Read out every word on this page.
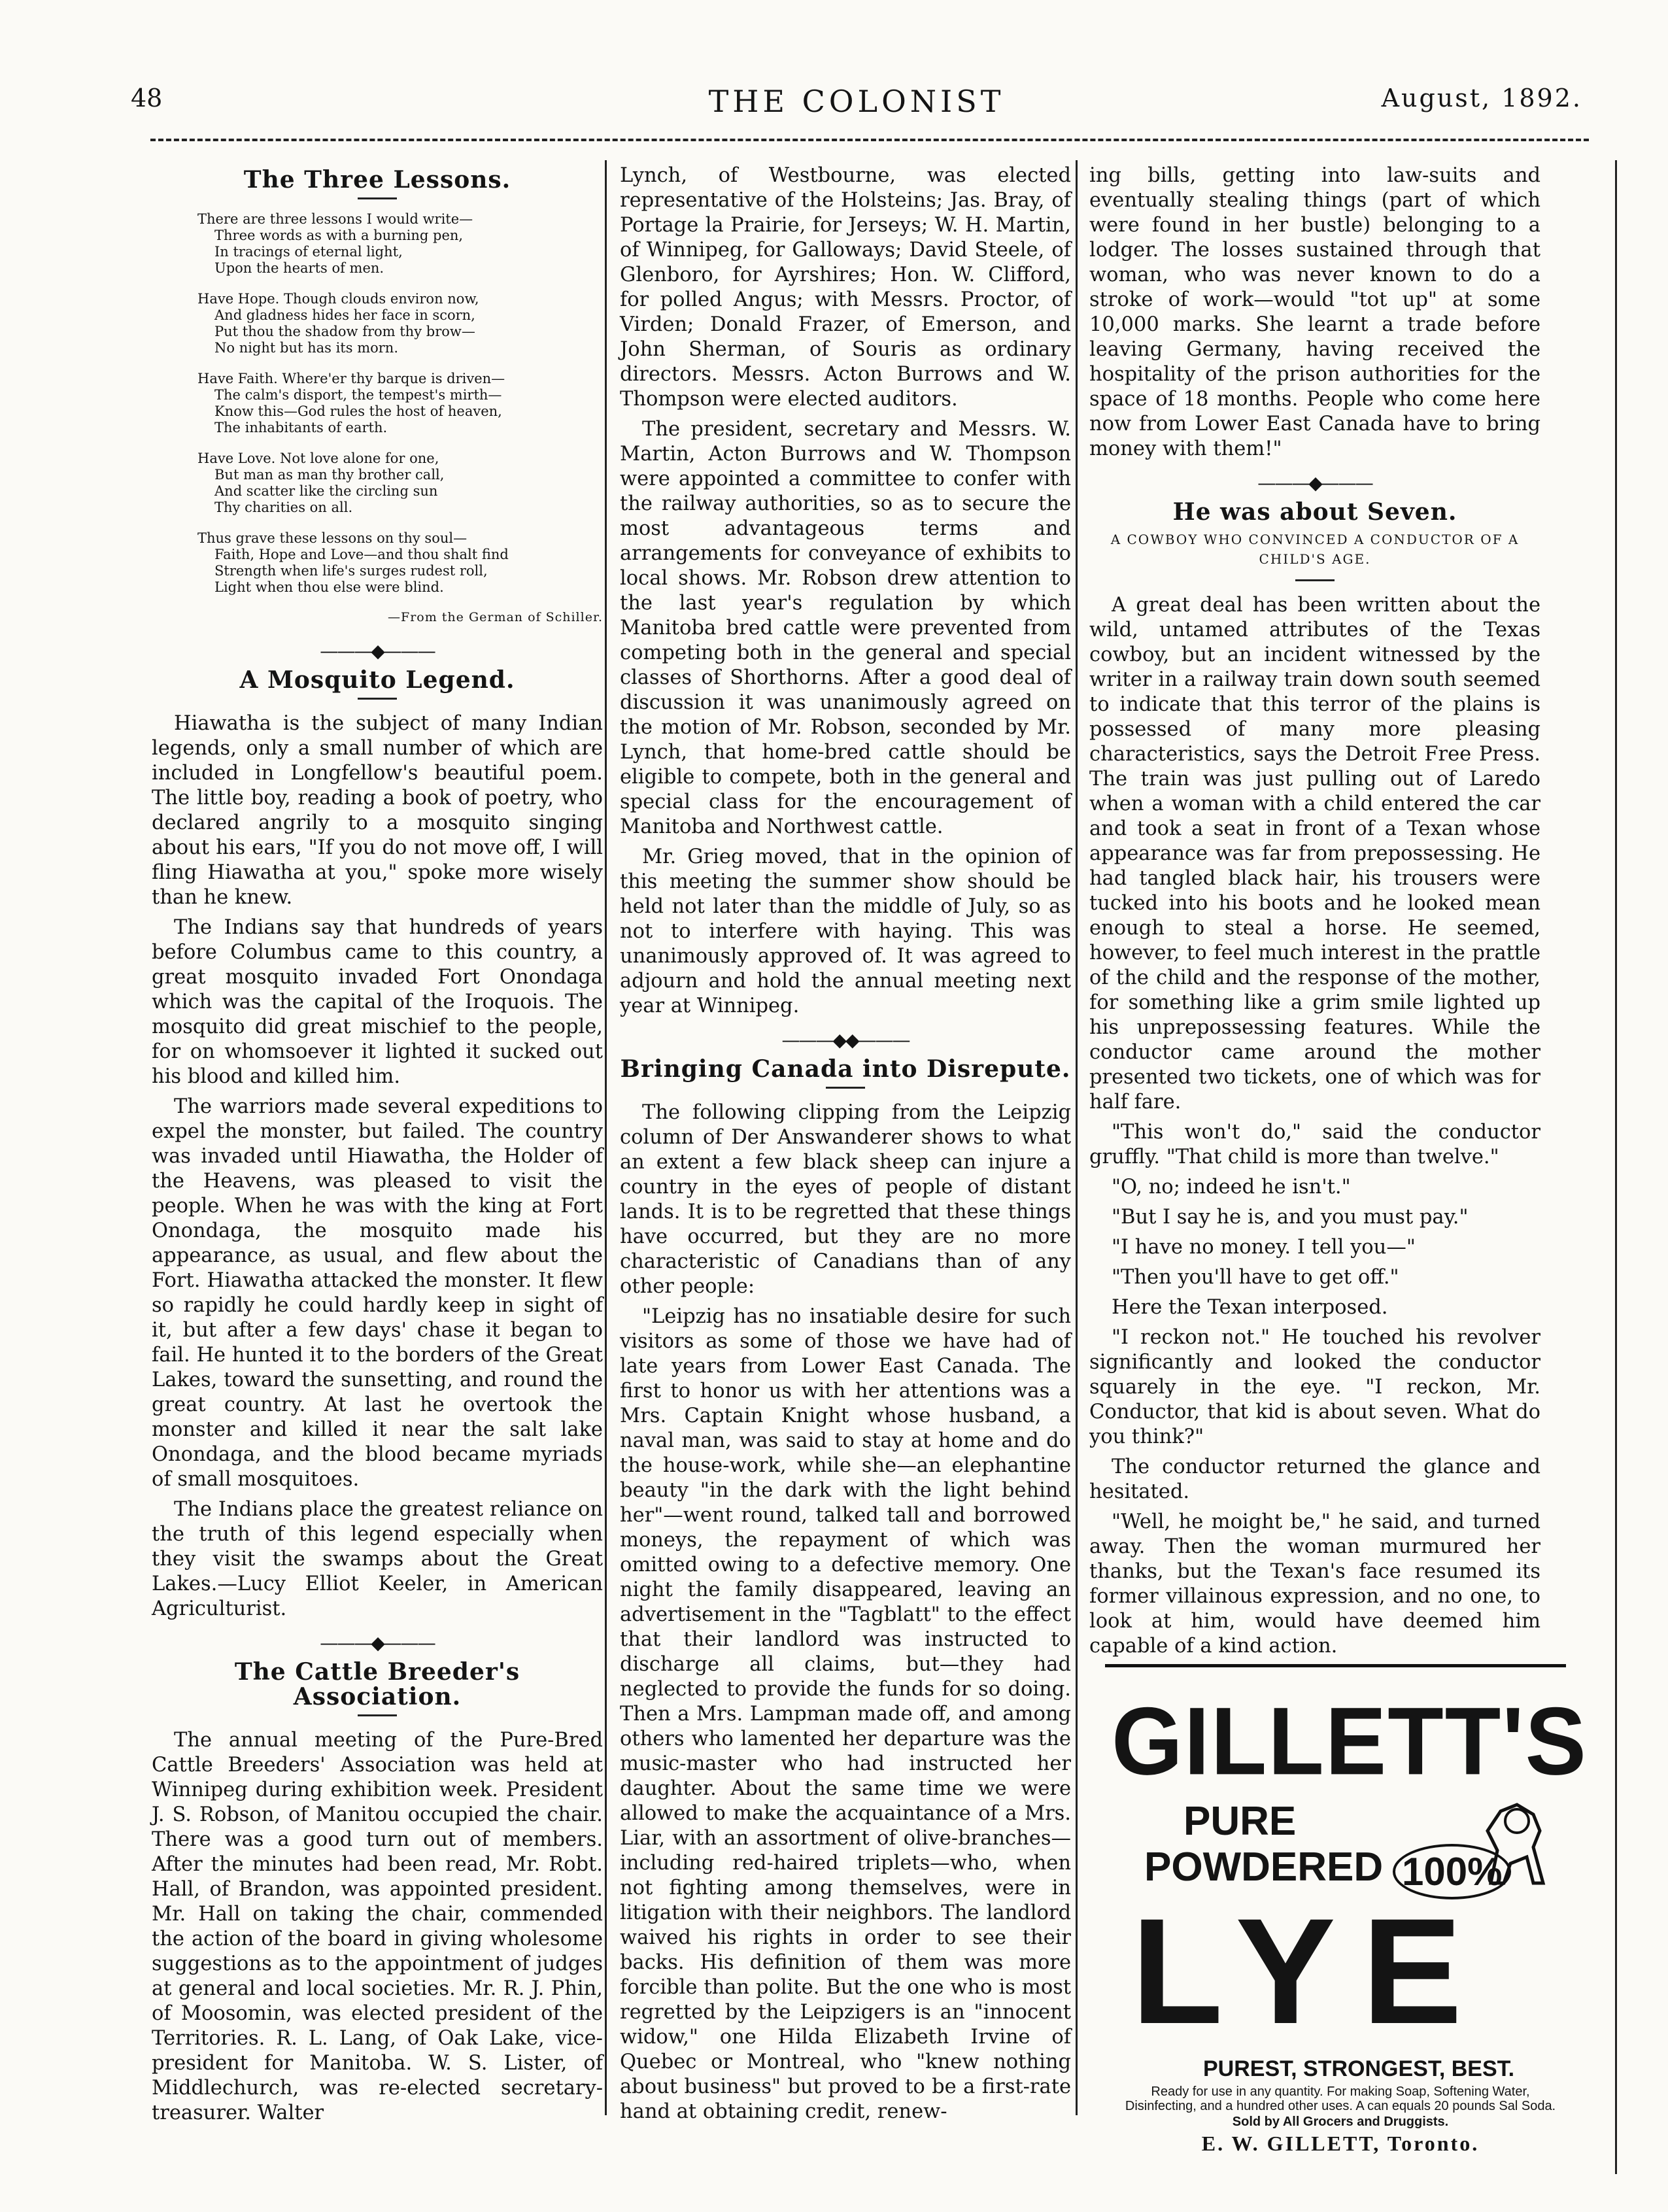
48	THE COLONIST	August, 1892.
The Three Lessons.
There are three lessons I would write—
Three words as with a burning pen,
In tracings of eternal light,
Upon the hearts of men.
Have Hope. Though clouds environ now,
And gladness hides her face in scorn,
Put thou the shadow from thy brow—
No night but has its morn.
Have Faith. Where'er thy barque is driven—
The calm's disport, the tempest's mirth—
Know this—God rules the host of heaven,
The inhabitants of earth.
Have Love. Not love alone for one,
But man as man thy brother call,
And scatter like the circling sun
Thy charities on all.
Thus grave these lessons on thy soul—
Faith, Hope and Love—and thou shalt find
Strength when life's surges rudest roll,
Light when thou else were blind.
—From the German of Schiller.
———◆———
A Mosquito Legend.

Hiawatha is the subject of many Indian legends, only a small number of which are included in Longfellow's beautiful poem. The little boy, reading a book of poetry, who declared angrily to a mosquito singing about his ears, "If you do not move off, I will fling Hiawatha at you," spoke more wisely than he knew.

The Indians say that hundreds of years before Columbus came to this country, a great mosquito invaded Fort Onondaga which was the capital of the Iroquois. The mosquito did great mischief to the people, for on whomsoever it lighted it sucked out his blood and killed him.

The warriors made several expeditions to expel the monster, but failed. The country was invaded until Hiawatha, the Holder of the Heavens, was pleased to visit the people. When he was with the king at Fort Onondaga, the mosquito made his appearance, as usual, and flew about the Fort. Hiawatha attacked the monster. It flew so rapidly he could hardly keep in sight of it, but after a few days' chase it began to fail. He hunted it to the borders of the Great Lakes, toward the sunsetting, and round the great country. At last he overtook the monster and killed it near the salt lake Onondaga, and the blood became myriads of small mosquitoes.

The Indians place the greatest reliance on the truth of this legend especially when they visit the swamps about the Great Lakes.—Lucy Elliot Keeler, in American Agriculturist.

———◆———
The Cattle Breeder's Association.

The annual meeting of the Pure-Bred Cattle Breeders' Association was held at Winnipeg during exhibition week. President J. S. Robson, of Manitou occupied the chair. There was a good turn out of members. After the minutes had been read, Mr. Robt. Hall, of Brandon, was appointed president. Mr. Hall on taking the chair, commended the action of the board in giving wholesome suggestions as to the appointment of judges at general and local societies. Mr. R. J. Phin, of Moosomin, was elected president of the Territories. R. L. Lang, of Oak Lake, vice-president for Manitoba. W. S. Lister, of Middlechurch, was re-elected secretary-treasurer. Walter

Lynch, of Westbourne, was elected representative of the Holsteins; Jas. Bray, of Portage la Prairie, for Jerseys; W. H. Martin, of Winnipeg, for Galloways; David Steele, of Glenboro, for Ayrshires; Hon. W. Clifford, for polled Angus; with Messrs. Proctor, of Virden; Donald Frazer, of Emerson, and John Sherman, of Souris as ordinary directors. Messrs. Acton Burrows and W. Thompson were elected auditors.

The president, secretary and Messrs. W. Martin, Acton Burrows and W. Thompson were appointed a committee to confer with the railway authorities, so as to secure the most advantageous terms and arrangements for conveyance of exhibits to local shows. Mr. Robson drew attention to the last year's regulation by which Manitoba bred cattle were prevented from competing both in the general and special classes of Shorthorns. After a good deal of discussion it was unanimously agreed on the motion of Mr. Robson, seconded by Mr. Lynch, that home-bred cattle should be eligible to compete, both in the general and special class for the encouragement of Manitoba and Northwest cattle.

Mr. Grieg moved, that in the opinion of this meeting the summer show should be held not later than the middle of July, so as not to interfere with haying. This was unanimously approved of. It was agreed to adjourn and hold the annual meeting next year at Winnipeg.

———◆◆———
Bringing Canada into Disrepute.

The following clipping from the Leipzig column of Der Answanderer shows to what an extent a few black sheep can injure a country in the eyes of people of distant lands. It is to be regretted that these things have occurred, but they are no more characteristic of Canadians than of any other people:

"Leipzig has no insatiable desire for such visitors as some of those we have had of late years from Lower East Canada. The first to honor us with her attentions was a Mrs. Captain Knight whose husband, a naval man, was said to stay at home and do the house-work, while she—an elephantine beauty "in the dark with the light behind her"—went round, talked tall and borrowed moneys, the repayment of which was omitted owing to a defective memory. One night the family disappeared, leaving an advertisement in the "Tagblatt" to the effect that their landlord was instructed to discharge all claims, but—they had neglected to provide the funds for so doing. Then a Mrs. Lampman made off, and among others who lamented her departure was the music-master who had instructed her daughter. About the same time we were allowed to make the acquaintance of a Mrs. Liar, with an assortment of olive-branches—including red-haired triplets—who, when not fighting among themselves, were in litigation with their neighbors. The landlord waived his rights in order to see their backs. His definition of them was more forcible than polite. But the one who is most regretted by the Leipzigers is an "innocent widow," one Hilda Elizabeth Irvine of Quebec or Montreal, who "knew nothing about business" but proved to be a first-rate hand at obtaining credit, renew-

ing bills, getting into law-suits and eventually stealing things (part of which were found in her bustle) belonging to a lodger. The losses sustained through that woman, who was never known to do a stroke of work—would "tot up" at some 10,000 marks. She learnt a trade before leaving Germany, having received the hospitality of the prison authorities for the space of 18 months. People who come here now from Lower East Canada have to bring money with them!"

———◆———
He was about Seven.
A COWBOY WHO CONVINCED A CONDUCTOR OF A CHILD'S AGE.

A great deal has been written about the wild, untamed attributes of the Texas cowboy, but an incident witnessed by the writer in a railway train down south seemed to indicate that this terror of the plains is possessed of many more pleasing characteristics, says the Detroit Free Press. The train was just pulling out of Laredo when a woman with a child entered the car and took a seat in front of a Texan whose appearance was far from prepossessing. He had tangled black hair, his trousers were tucked into his boots and he looked mean enough to steal a horse. He seemed, however, to feel much interest in the prattle of the child and the response of the mother, for something like a grim smile lighted up his unprepossessing features. While the conductor came around the mother presented two tickets, one of which was for half fare.

"This won't do," said the conductor gruffly. "That child is more than twelve."

"O, no; indeed he isn't."

"But I say he is, and you must pay."

"I have no money. I tell you—"

"Then you'll have to get off."

Here the Texan interposed.

"I reckon not." He touched his revolver significantly and looked the conductor squarely in the eye. "I reckon, Mr. Conductor, that kid is about seven. What do you think?"

The conductor returned the glance and hesitated.

"Well, he moight be," he said, and turned away. Then the woman murmured her thanks, but the Texan's face resumed its former villainous expression, and no one, to look at him, would have deemed him capable of a kind action.

GILLETT'S
PURE
POWDERED 100%
LYE
PUREST, STRONGEST, BEST.
Ready for use in any quantity. For making Soap, Softening Water, Disinfecting, and a hundred other uses. A can equals 20 pounds Sal Soda.
Sold by All Grocers and Druggists.
E. W. GILLETT, Toronto.
